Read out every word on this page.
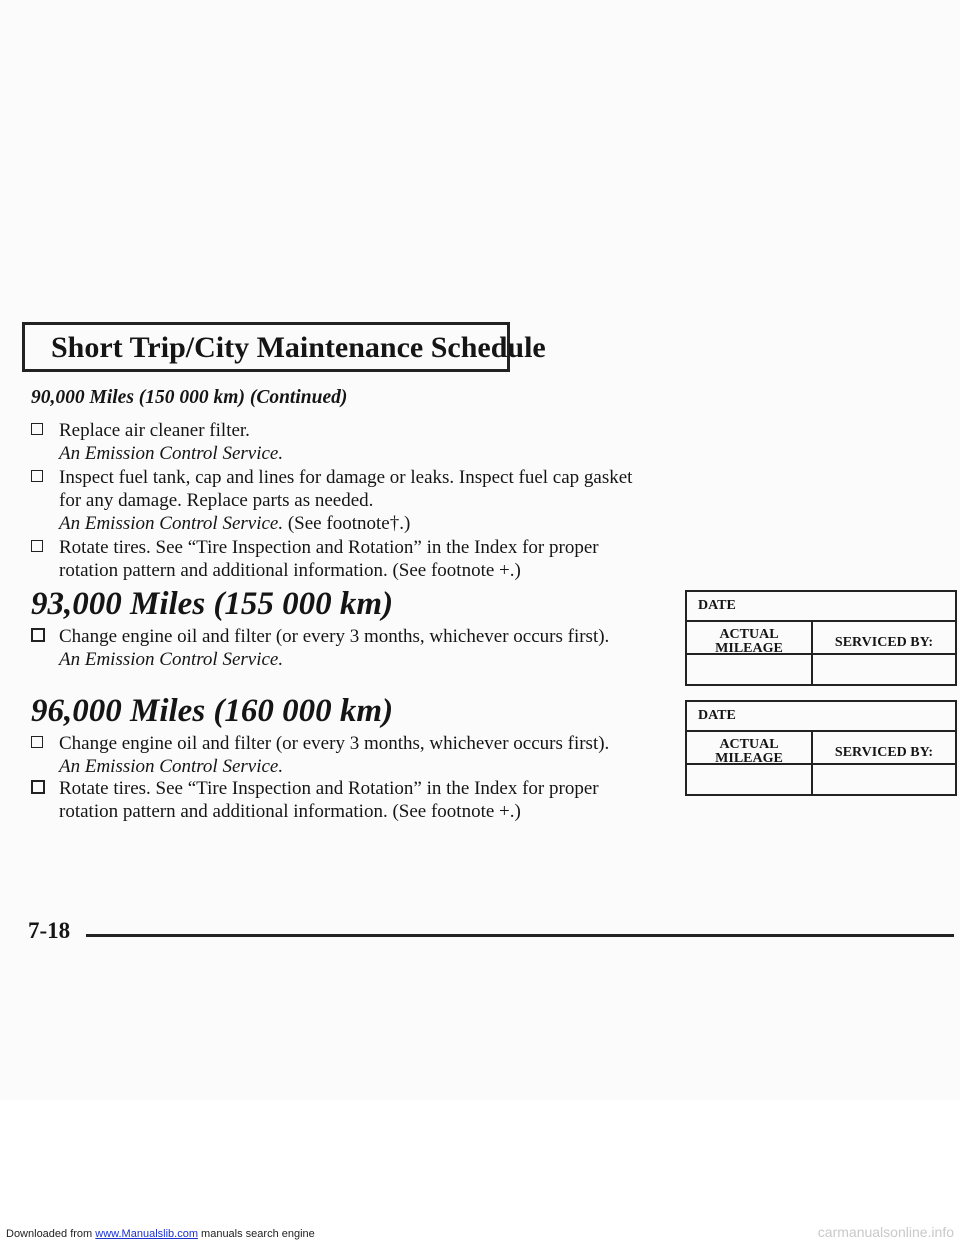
Short Trip/City Maintenance Schedule
90,000 Miles (150 000 km) (Continued)
Replace air cleaner filter.
An Emission Control Service.
Inspect fuel tank, cap and lines for damage or leaks. Inspect fuel cap gasket
for any damage. Replace parts as needed.
An Emission Control Service. (See footnote†.)
Rotate tires. See “Tire Inspection and Rotation” in the Index for proper
rotation pattern and additional information. (See footnote +.)
93,000 Miles (155 000 km)
Change engine oil and filter (or every 3 months, whichever occurs first).
An Emission Control Service.
96,000 Miles (160 000 km)
Change engine oil and filter (or every 3 months, whichever occurs first).
An Emission Control Service.
Rotate tires. See “Tire Inspection and Rotation” in the Index for proper
rotation pattern and additional information. (See footnote +.)
DATE
ACTUAL
MILEAGE	SERVICED BY:
DATE
ACTUAL
MILEAGE	SERVICED BY:
7-18
Downloaded from www.Manualslib.com manuals search engine	carmanualsonline.info
